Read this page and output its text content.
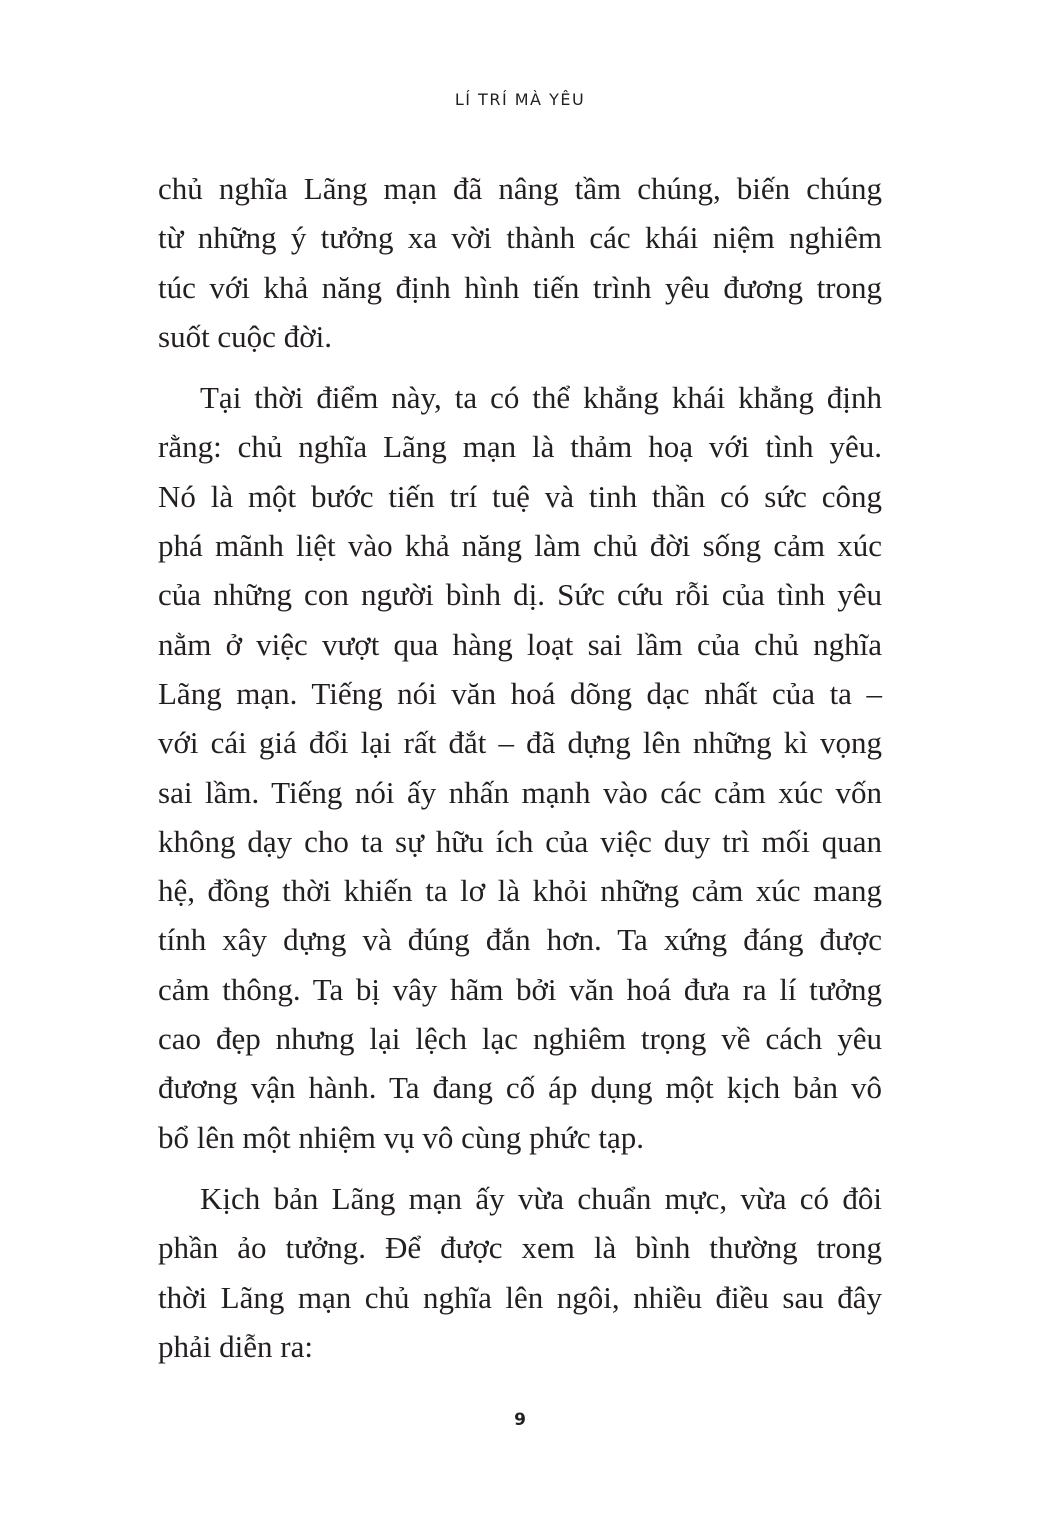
LÍ TRÍ MÀ YÊU
chủ nghĩa Lãng mạn đã nâng tầm chúng, biến chúng
từ những ý tưởng xa vời thành các khái niệm nghiêm
túc với khả năng định hình tiến trình yêu đương trong
suốt cuộc đời.
Tại thời điểm này, ta có thể khẳng khái khẳng định
rằng: chủ nghĩa Lãng mạn là thảm hoạ với tình yêu.
Nó là một bước tiến trí tuệ và tinh thần có sức công
phá mãnh liệt vào khả năng làm chủ đời sống cảm xúc
của những con người bình dị. Sức cứu rỗi của tình yêu
nằm ở việc vượt qua hàng loạt sai lầm của chủ nghĩa
Lãng mạn. Tiếng nói văn hoá dõng dạc nhất của ta –
với cái giá đổi lại rất đắt – đã dựng lên những kì vọng
sai lầm. Tiếng nói ấy nhấn mạnh vào các cảm xúc vốn
không dạy cho ta sự hữu ích của việc duy trì mối quan
hệ, đồng thời khiến ta lơ là khỏi những cảm xúc mang
tính xây dựng và đúng đắn hơn. Ta xứng đáng được
cảm thông. Ta bị vây hãm bởi văn hoá đưa ra lí tưởng
cao đẹp nhưng lại lệch lạc nghiêm trọng về cách yêu
đương vận hành. Ta đang cố áp dụng một kịch bản vô
bổ lên một nhiệm vụ vô cùng phức tạp.
Kịch bản Lãng mạn ấy vừa chuẩn mực, vừa có đôi
phần ảo tưởng. Để được xem là bình thường trong
thời Lãng mạn chủ nghĩa lên ngôi, nhiều điều sau đây
phải diễn ra:
9
